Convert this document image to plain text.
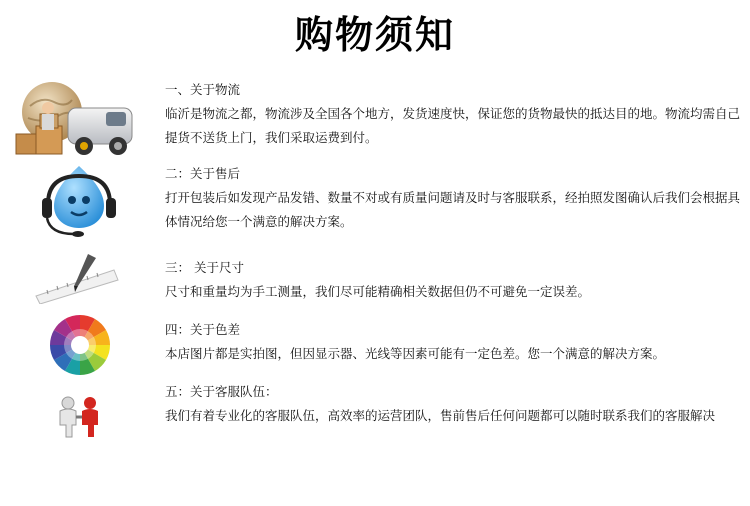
购物须知
一、关于物流
临沂是物流之都，物流涉及全国各个地方，发货速度快，保证您的货物最快的抵达目的地。物流均需自己提货不送货上门，我们采取运费到付。
二：关于售后
打开包装后如发现产品发错、数量不对或有质量问题请及时与客服联系，经拍照发图确认后我们会根据具体情况给您一个满意的解决方案。
三： 关于尺寸
尺寸和重量均为手工测量，我们尽可能精确相关数据但仍不可避免一定误差。
四：关于色差
本店图片都是实拍图，但因显示器、光线等因素可能有一定色差。您一个满意的解决方案。
五：关于客服队伍：
我们有着专业化的客服队伍，高效率的运营团队，售前售后任何问题都可以随时联系我们的客服解决
